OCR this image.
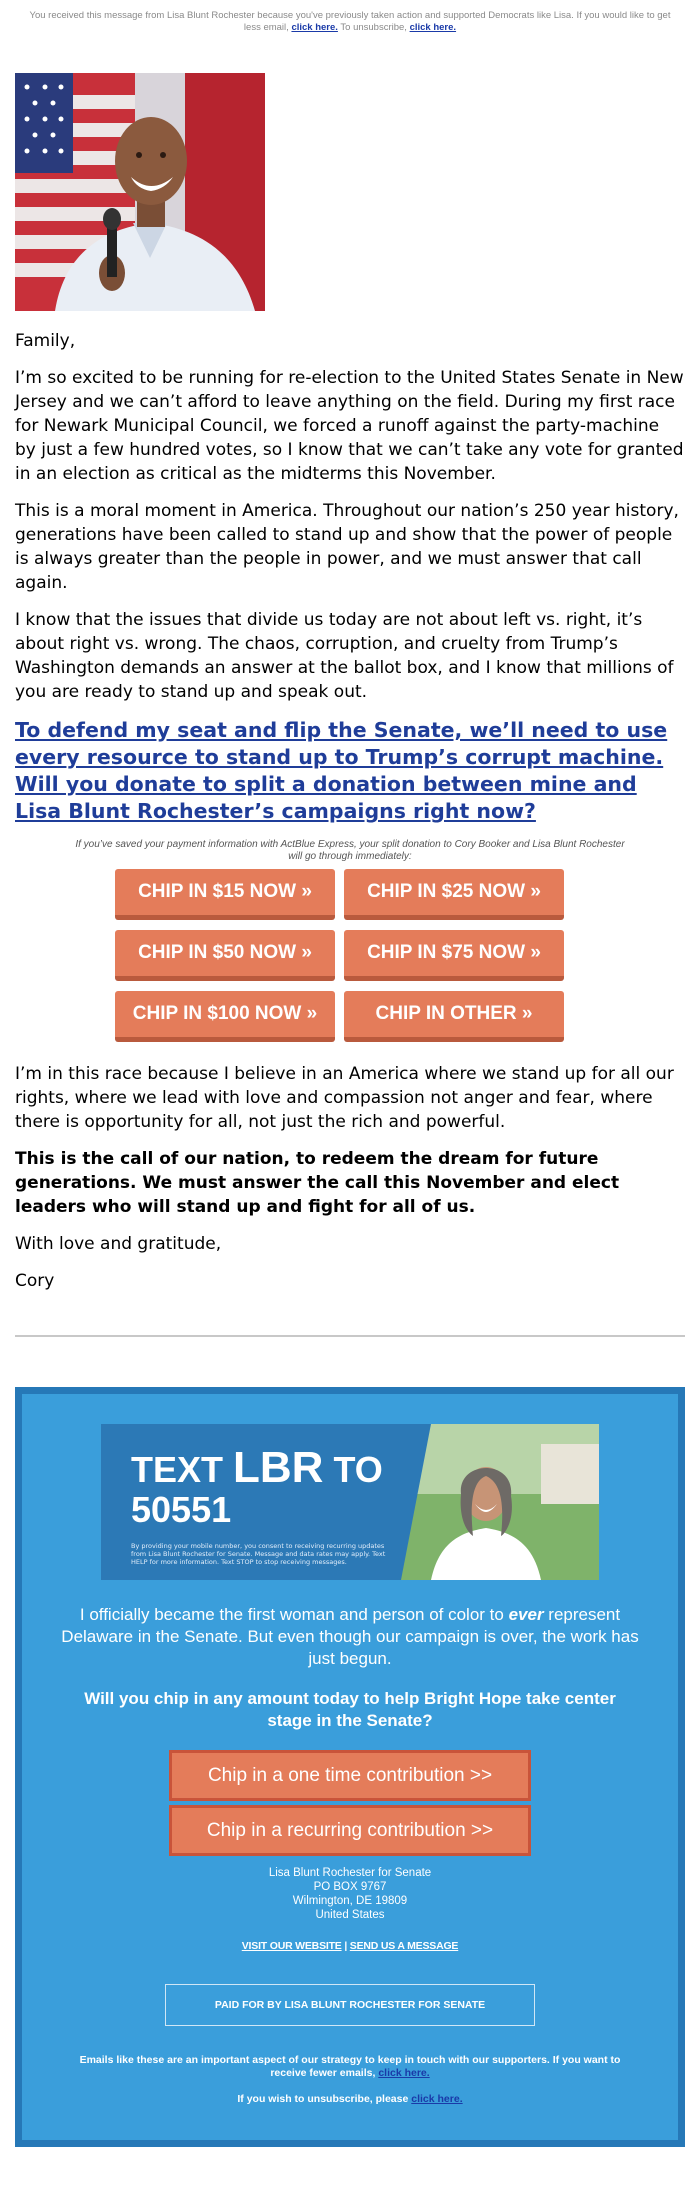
You received this message from Lisa Blunt Rochester because you've previously taken action and supported Democrats like Lisa. If you would like to get less email, click here. To unsubscribe, click here.

Family,

I’m so excited to be running for re-election to the United States Senate in New Jersey and we can’t afford to leave anything on the field. During my first race for Newark Municipal Council, we forced a runoff against the party-machine by just a few hundred votes, so I know that we can’t take any vote for granted in an election as critical as the midterms this November.

This is a moral moment in America. Throughout our nation’s 250 year history, generations have been called to stand up and show that the power of people is always greater than the people in power, and we must answer that call again.

I know that the issues that divide us today are not about left vs. right, it’s about right vs. wrong. The chaos, corruption, and cruelty from Trump’s Washington demands an answer at the ballot box, and I know that millions of you are ready to stand up and speak out.

To defend my seat and flip the Senate, we’ll need to use every resource to stand up to Trump’s corrupt machine. Will you donate to split a donation between mine and Lisa Blunt Rochester’s campaigns right now?
If you’ve saved your payment information with ActBlue Express, your split donation to Cory Booker and Lisa Blunt Rochester will go through immediately:
CHIP IN $15 NOW »	CHIP IN $25 NOW »
CHIP IN $50 NOW »	CHIP IN $75 NOW »
CHIP IN $100 NOW »	CHIP IN OTHER »

I’m in this race because I believe in an America where we stand up for all our rights, where we lead with love and compassion not anger and fear, where there is opportunity for all, not just the rich and powerful.

This is the call of our nation, to redeem the dream for future generations. We must answer the call this November and elect leaders who will stand up and fight for all of us.

With love and gratitude,

Cory

TEXT LBR TO
50551
By providing your mobile number, you consent to receiving recurring updates from Lisa Blunt Rochester for Senate. Message and data rates may apply. Text HELP for more information. Text STOP to stop receiving messages.

I officially became the first woman and person of color to ever represent Delaware in the Senate. But even though our campaign is over, the work has just begun.

Will you chip in any amount today to help Bright Hope take center stage in the Senate?

Chip in a one time contribution >>
Chip in a recurring contribution >>
Lisa Blunt Rochester for Senate
PO BOX 9767
Wilmington, DE 19809
United States
VISIT OUR WEBSITE | SEND US A MESSAGE
PAID FOR BY LISA BLUNT ROCHESTER FOR SENATE
Emails like these are an important aspect of our strategy to keep in touch with our supporters. If you want to receive fewer emails, click here.
If you wish to unsubscribe, please click here.
